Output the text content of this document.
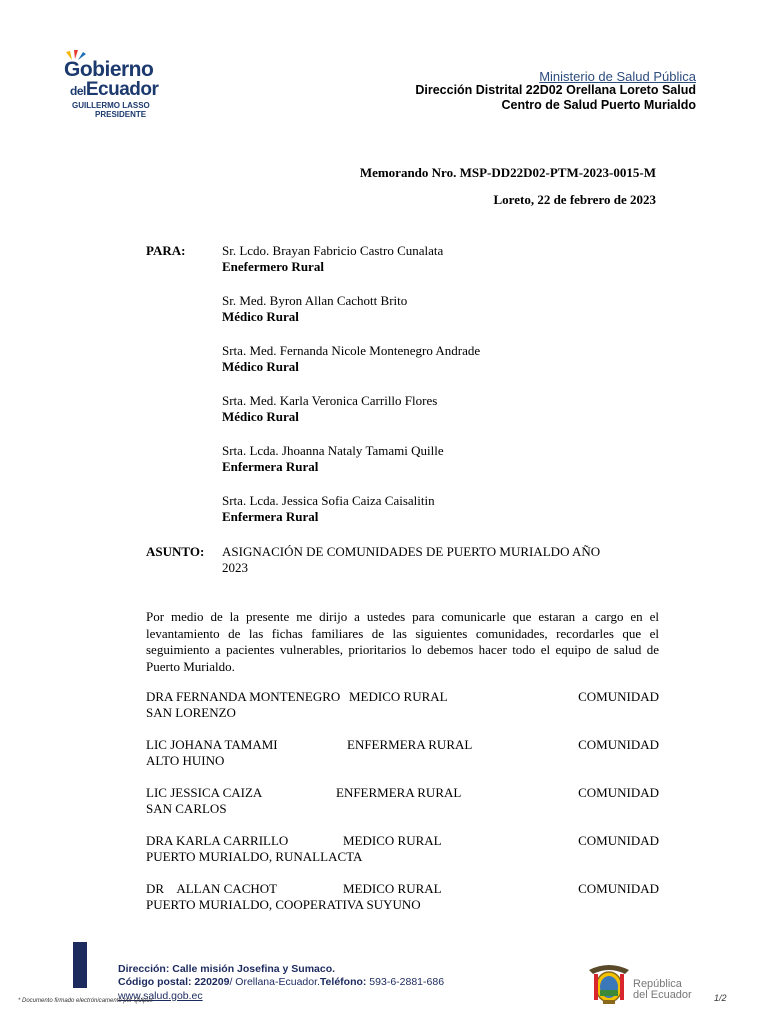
Gobierno
delEcuador
GUILLERMO LASSO
PRESIDENTE
Ministerio de Salud Pública
Dirección Distrital 22D02 Orellana Loreto Salud
Centro de Salud Puerto Murialdo
Memorando Nro. MSP-DD22D02-PTM-2023-0015-M
Loreto, 22 de febrero de 2023
PARA:	Sr. Lcdo. Brayan Fabricio Castro Cunalata
Enefermero Rural
Sr. Med. Byron Allan Cachott Brito
Médico Rural
Srta. Med. Fernanda Nicole Montenegro Andrade
Médico Rural
Srta. Med. Karla Veronica Carrillo Flores
Médico Rural
Srta. Lcda. Jhoanna Nataly Tamami Quille
Enfermera Rural
Srta. Lcda. Jessica Sofia Caiza Caisalitin
Enfermera Rural
ASUNTO: ASIGNACIÓN DE COMUNIDADES DE PUERTO MURIALDO AÑO
2023
Por medio de la presente me dirijo a ustedes para comunicarle que estaran a cargo en el levantamiento de las fichas familiares de las siguientes comunidades, recordarles que el seguimiento a pacientes vulnerables, prioritarios lo debemos hacer todo el equipo de salud de Puerto Murialdo.
DRA FERNANDA MONTENEGRO MEDICO RURAL	COMUNIDAD
SAN LORENZO
LIC JOHANA TAMAMI	ENFERMERA RURAL	COMUNIDAD
ALTO HUINO
LIC JESSICA CAIZA	ENFERMERA RURAL	COMUNIDAD
SAN CARLOS
DRA KARLA CARRILLO	MEDICO RURAL	COMUNIDAD
PUERTO MURIALDO, RUNALLACTA
DR    ALLAN CACHOT	MEDICO RURAL	COMUNIDAD
PUERTO MURIALDO, COOPERATIVA SUYUNO
Dirección: Calle misión Josefina y Sumaco.
Código postal: 220209/ Orellana-Ecuador.Teléfono: 593-6-2881-686
www.salud.gob.ec
* Documento firmado electrónicamente por Quipux
República
del Ecuador 1/2
